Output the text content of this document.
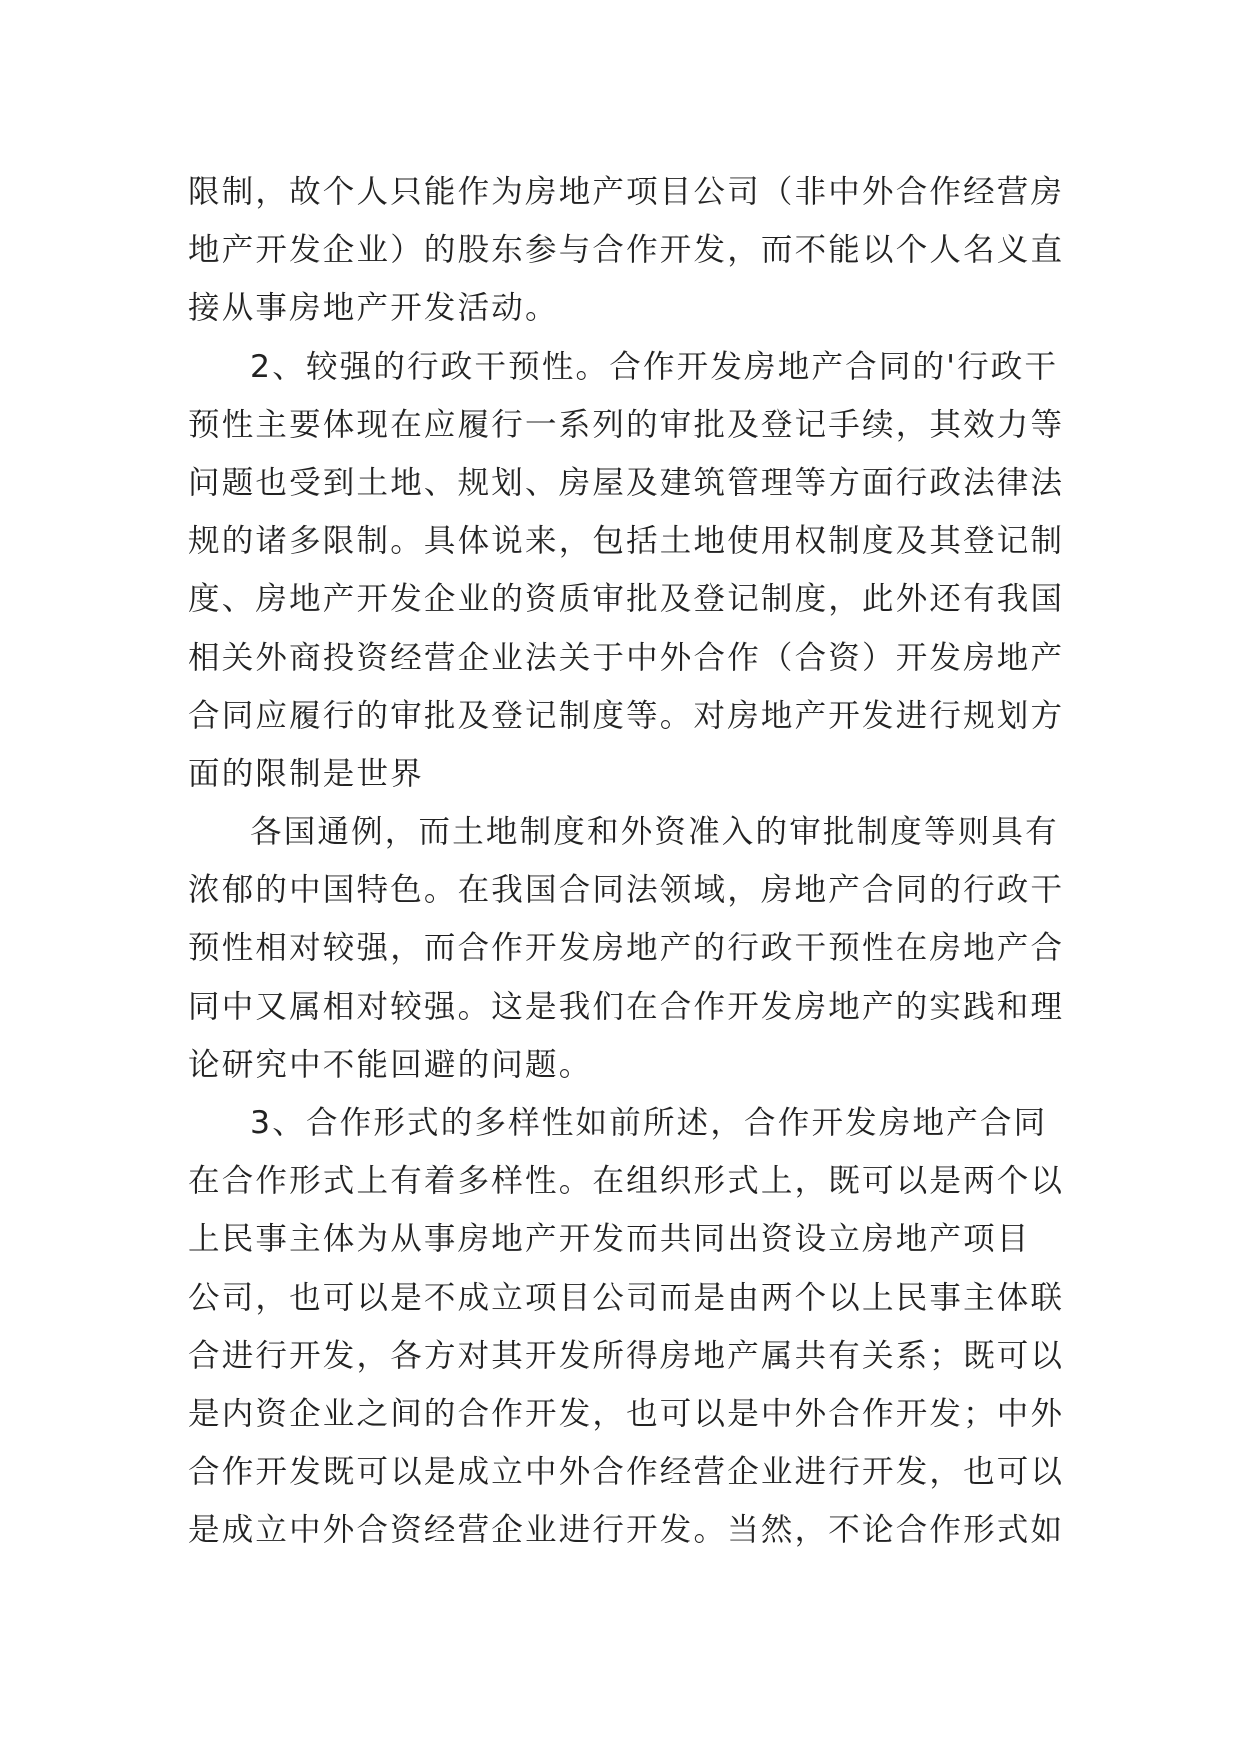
限制，故个人只能作为房地产项目公司（非中外合作经营房
地产开发企业）的股东参与合作开发，而不能以个人名义直
接从事房地产开发活动。
2、较强的行政干预性。合作开发房地产合同的'行政干
预性主要体现在应履行一系列的审批及登记手续，其效力等
问题也受到土地、规划、房屋及建筑管理等方面行政法律法
规的诸多限制。具体说来，包括土地使用权制度及其登记制
度、房地产开发企业的资质审批及登记制度，此外还有我国
相关外商投资经营企业法关于中外合作（合资）开发房地产
合同应履行的审批及登记制度等。对房地产开发进行规划方
面的限制是世界
各国通例，而土地制度和外资准入的审批制度等则具有
浓郁的中国特色。在我国合同法领域，房地产合同的行政干
预性相对较强，而合作开发房地产的行政干预性在房地产合
同中又属相对较强。这是我们在合作开发房地产的实践和理
论研究中不能回避的问题。
3、合作形式的多样性如前所述，合作开发房地产合同
在合作形式上有着多样性。在组织形式上，既可以是两个以
上民事主体为从事房地产开发而共同出资设立房地产项目
公司，也可以是不成立项目公司而是由两个以上民事主体联
合进行开发，各方对其开发所得房地产属共有关系；既可以
是内资企业之间的合作开发，也可以是中外合作开发；中外
合作开发既可以是成立中外合作经营企业进行开发，也可以
是成立中外合资经营企业进行开发。当然，不论合作形式如
